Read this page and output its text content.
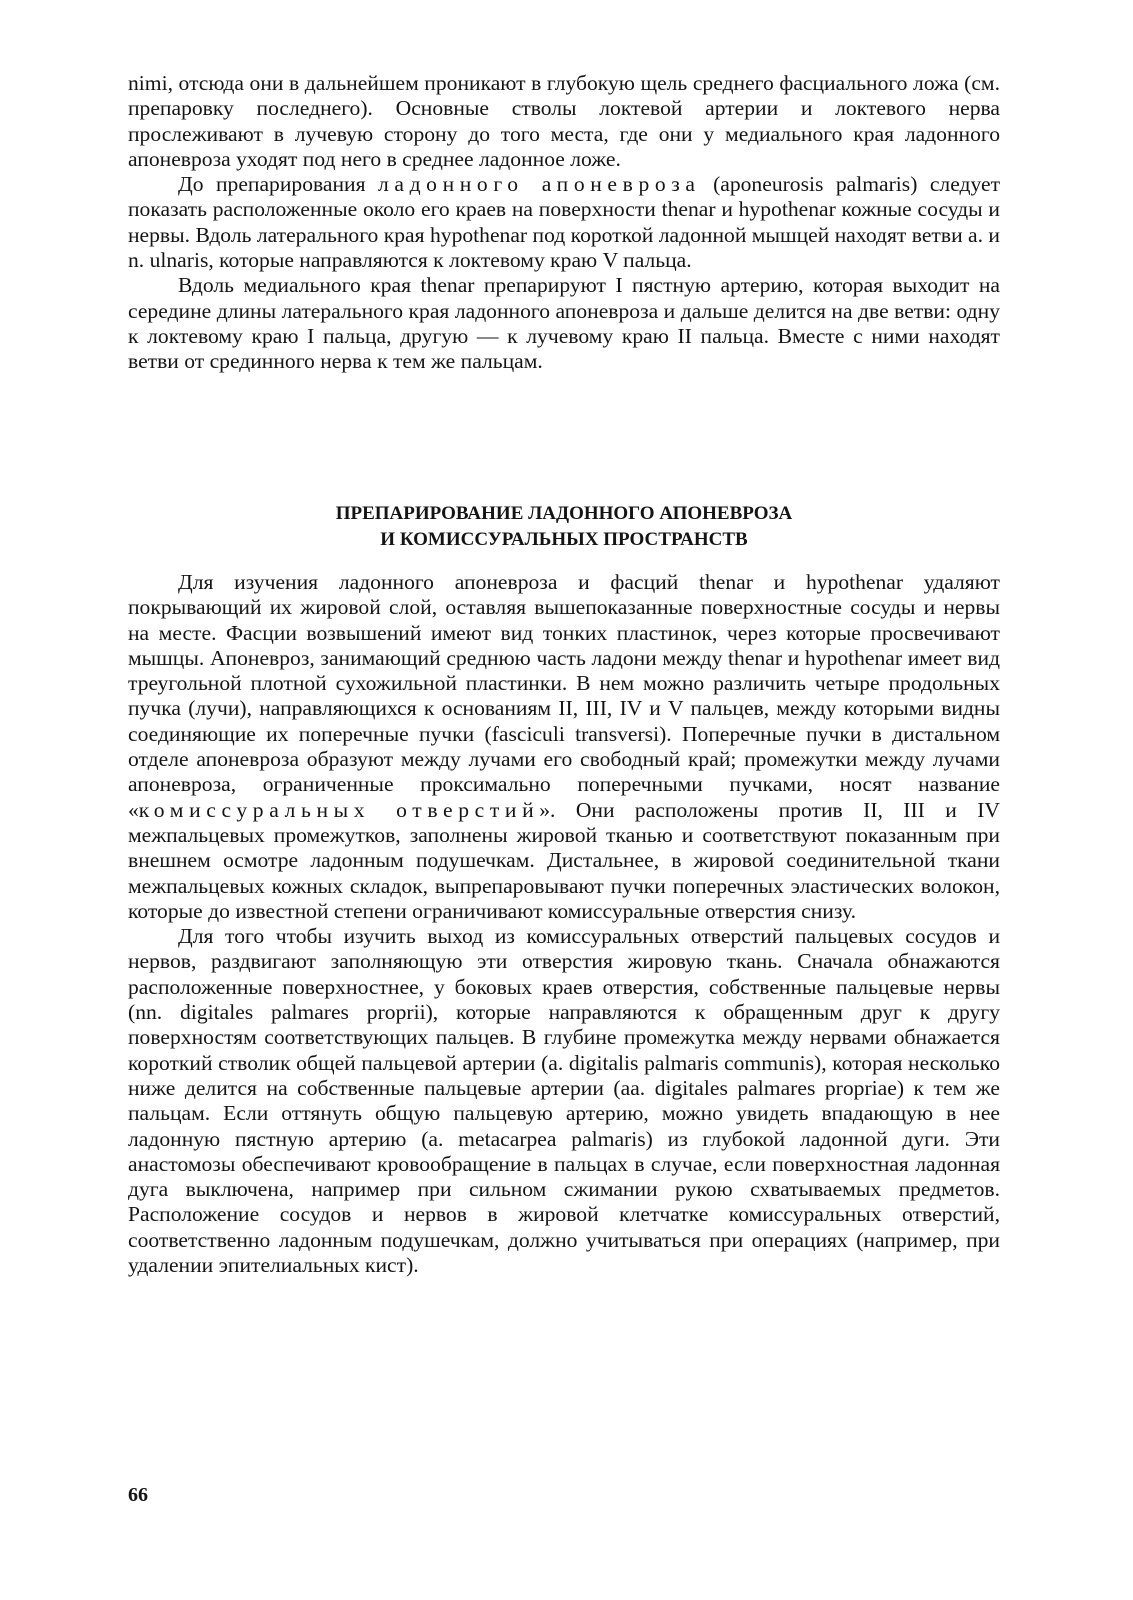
nimi, отсюда они в дальнейшем проникают в глубокую щель среднего фасциального ложа (см. препаровку последнего). Основные стволы локтевой артерии и локтевого нерва прослеживают в лучевую сторону до того места, где они у медиального края ладонного апоневроза уходят под него в среднее ладонное ложе.

До препарирования ладонного апоневроза (aponeurosis palmaris) следует показать расположенные около его краев на поверхности thenar и hypothenar кожные сосуды и нервы. Вдоль латерального края hypothenar под короткой ладонной мышцей находят ветви a. и n. ulnaris, которые направляются к локтевому краю V пальца.

Вдоль медиального края thenar препарируют I пястную артерию, которая выходит на середине длины латерального края ладонного апоневроза и дальше делится на две ветви: одну к локтевому краю I пальца, другую — к лучевому краю II пальца. Вместе с ними находят ветви от срединного нерва к тем же пальцам.

ПРЕПАРИРОВАНИЕ ЛАДОННОГО АПОНЕВРОЗА
И КОМИССУРАЛЬНЫХ ПРОСТРАНСТВ

Для изучения ладонного апоневроза и фасций thenar и hypothenar удаляют покрывающий их жировой слой, оставляя вышепоказанные поверхностные сосуды и нервы на месте. Фасции возвышений имеют вид тонких пластинок, через которые просвечивают мышцы. Апоневроз, занимающий среднюю часть ладони между thenar и hypothenar имеет вид треугольной плотной сухожильной пластинки. В нем можно различить четыре продольных пучка (лучи), направляющихся к основаниям II, III, IV и V пальцев, между которыми видны соединяющие их поперечные пучки (fasciculi transversi). Поперечные пучки в дистальном отделе апоневроза образуют между лучами его свободный край; промежутки между лучами апоневроза, ограниченные проксимально поперечными пучками, носят название «комиссуральных отверстий». Они расположены против II, III и IV межпальцевых промежутков, заполнены жировой тканью и соответствуют показанным при внешнем осмотре ладонным подушечкам. Дистальнее, в жировой соединительной ткани межпальцевых кожных складок, выпрепаровывают пучки поперечных эластических волокон, которые до известной степени ограничивают комиссуральные отверстия снизу.

Для того чтобы изучить выход из комиссуральных отверстий пальцевых сосудов и нервов, раздвигают заполняющую эти отверстия жировую ткань. Сначала обнажаются расположенные поверхностнее, у боковых краев отверстия, собственные пальцевые нервы (nn. digitales palmares proprii), которые направляются к обращенным друг к другу поверхностям соответствующих пальцев. В глубине промежутка между нервами обнажается короткий стволик общей пальцевой артерии (a. digitalis palmaris communis), которая несколько ниже делится на собственные пальцевые артерии (aa. digitales palmares propriae) к тем же пальцам. Если оттянуть общую пальцевую артерию, можно увидеть впадающую в нее ладонную пястную артерию (a. metacarpea palmaris) из глубокой ладонной дуги. Эти анастомозы обеспечивают кровообращение в пальцах в случае, если поверхностная ладонная дуга выключена, например при сильном сжимании рукою схватываемых предметов. Расположение сосудов и нервов в жировой клетчатке комиссуральных отверстий, соответственно ладонным подушечкам, должно учитываться при операциях (например, при удалении эпителиальных кист).

66
